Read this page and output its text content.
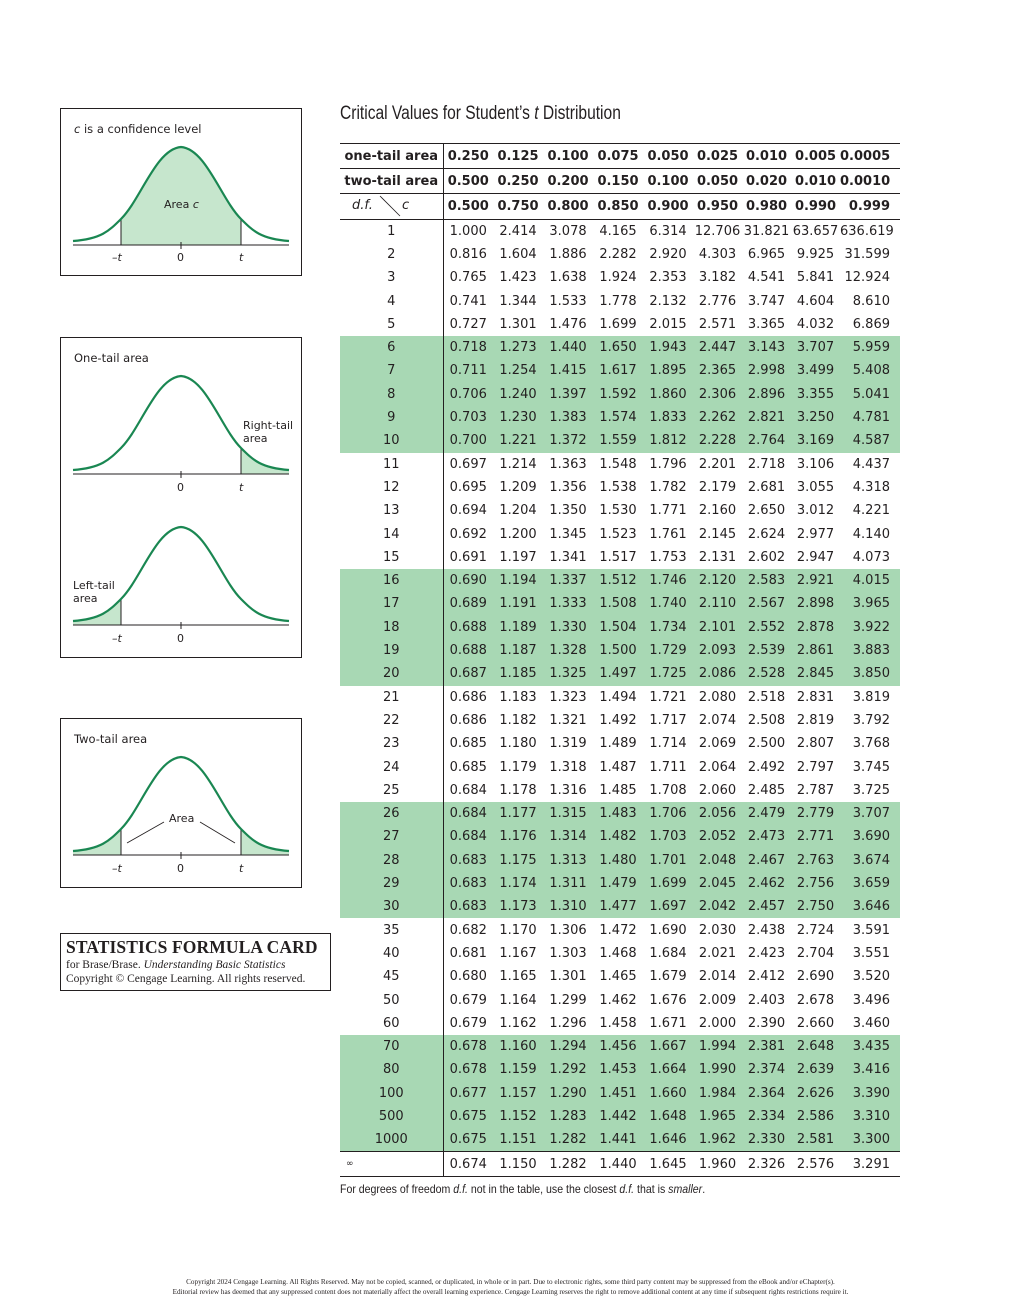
c is a confidence level
Area c
–t	0	t
One-tail area
Right-tail
area
0	t
Left-tail
area
–t	0
Two-tail area
Area
–t	0	t
STATISTICS FORMULA CARD
for Brase/Brase. Understanding Basic Statistics
Copyright © Cengage Learning. All rights reserved.
Critical Values for Student’s t Distribution
one-tail area	0.250	0.125	0.100	0.075	0.050	0.025	0.010	0.005	0.0005
two-tail area	0.500	0.250	0.200	0.150	0.100	0.050	0.020	0.010	0.0010

d.f. c	0.500	0.750	0.800	0.850	0.900	0.950	0.980	0.990	0.999
1	1.000	2.414	3.078	4.165	6.314	12.706	31.821	63.657	636.619
2	0.816	1.604	1.886	2.282	2.920	4.303	6.965	9.925	31.599
3	0.765	1.423	1.638	1.924	2.353	3.182	4.541	5.841	12.924
4	0.741	1.344	1.533	1.778	2.132	2.776	3.747	4.604	8.610
5	0.727	1.301	1.476	1.699	2.015	2.571	3.365	4.032	6.869
6	0.718	1.273	1.440	1.650	1.943	2.447	3.143	3.707	5.959
7	0.711	1.254	1.415	1.617	1.895	2.365	2.998	3.499	5.408
8	0.706	1.240	1.397	1.592	1.860	2.306	2.896	3.355	5.041
9	0.703	1.230	1.383	1.574	1.833	2.262	2.821	3.250	4.781
10	0.700	1.221	1.372	1.559	1.812	2.228	2.764	3.169	4.587
11	0.697	1.214	1.363	1.548	1.796	2.201	2.718	3.106	4.437
12	0.695	1.209	1.356	1.538	1.782	2.179	2.681	3.055	4.318
13	0.694	1.204	1.350	1.530	1.771	2.160	2.650	3.012	4.221
14	0.692	1.200	1.345	1.523	1.761	2.145	2.624	2.977	4.140
15	0.691	1.197	1.341	1.517	1.753	2.131	2.602	2.947	4.073
16	0.690	1.194	1.337	1.512	1.746	2.120	2.583	2.921	4.015
17	0.689	1.191	1.333	1.508	1.740	2.110	2.567	2.898	3.965
18	0.688	1.189	1.330	1.504	1.734	2.101	2.552	2.878	3.922
19	0.688	1.187	1.328	1.500	1.729	2.093	2.539	2.861	3.883
20	0.687	1.185	1.325	1.497	1.725	2.086	2.528	2.845	3.850
21	0.686	1.183	1.323	1.494	1.721	2.080	2.518	2.831	3.819
22	0.686	1.182	1.321	1.492	1.717	2.074	2.508	2.819	3.792
23	0.685	1.180	1.319	1.489	1.714	2.069	2.500	2.807	3.768
24	0.685	1.179	1.318	1.487	1.711	2.064	2.492	2.797	3.745
25	0.684	1.178	1.316	1.485	1.708	2.060	2.485	2.787	3.725
26	0.684	1.177	1.315	1.483	1.706	2.056	2.479	2.779	3.707
27	0.684	1.176	1.314	1.482	1.703	2.052	2.473	2.771	3.690
28	0.683	1.175	1.313	1.480	1.701	2.048	2.467	2.763	3.674
29	0.683	1.174	1.311	1.479	1.699	2.045	2.462	2.756	3.659
30	0.683	1.173	1.310	1.477	1.697	2.042	2.457	2.750	3.646
35	0.682	1.170	1.306	1.472	1.690	2.030	2.438	2.724	3.591
40	0.681	1.167	1.303	1.468	1.684	2.021	2.423	2.704	3.551
45	0.680	1.165	1.301	1.465	1.679	2.014	2.412	2.690	3.520
50	0.679	1.164	1.299	1.462	1.676	2.009	2.403	2.678	3.496
60	0.679	1.162	1.296	1.458	1.671	2.000	2.390	2.660	3.460
70	0.678	1.160	1.294	1.456	1.667	1.994	2.381	2.648	3.435
80	0.678	1.159	1.292	1.453	1.664	1.990	2.374	2.639	3.416
100	0.677	1.157	1.290	1.451	1.660	1.984	2.364	2.626	3.390
500	0.675	1.152	1.283	1.442	1.648	1.965	2.334	2.586	3.310
1000	0.675	1.151	1.282	1.441	1.646	1.962	2.330	2.581	3.300

∞	0.674	1.150	1.282	1.440	1.645	1.960	2.326	2.576	3.291
For degrees of freedom d.f. not in the table, use the closest d.f. that is smaller.
Copyright 2024 Cengage Learning. All Rights Reserved. May not be copied, scanned, or duplicated, in whole or in part. Due to electronic rights, some third party content may be suppressed from the eBook and/or eChapter(s).
Editorial review has deemed that any suppressed content does not materially affect the overall learning experience. Cengage Learning reserves the right to remove additional content at any time if subsequent rights restrictions require it.
